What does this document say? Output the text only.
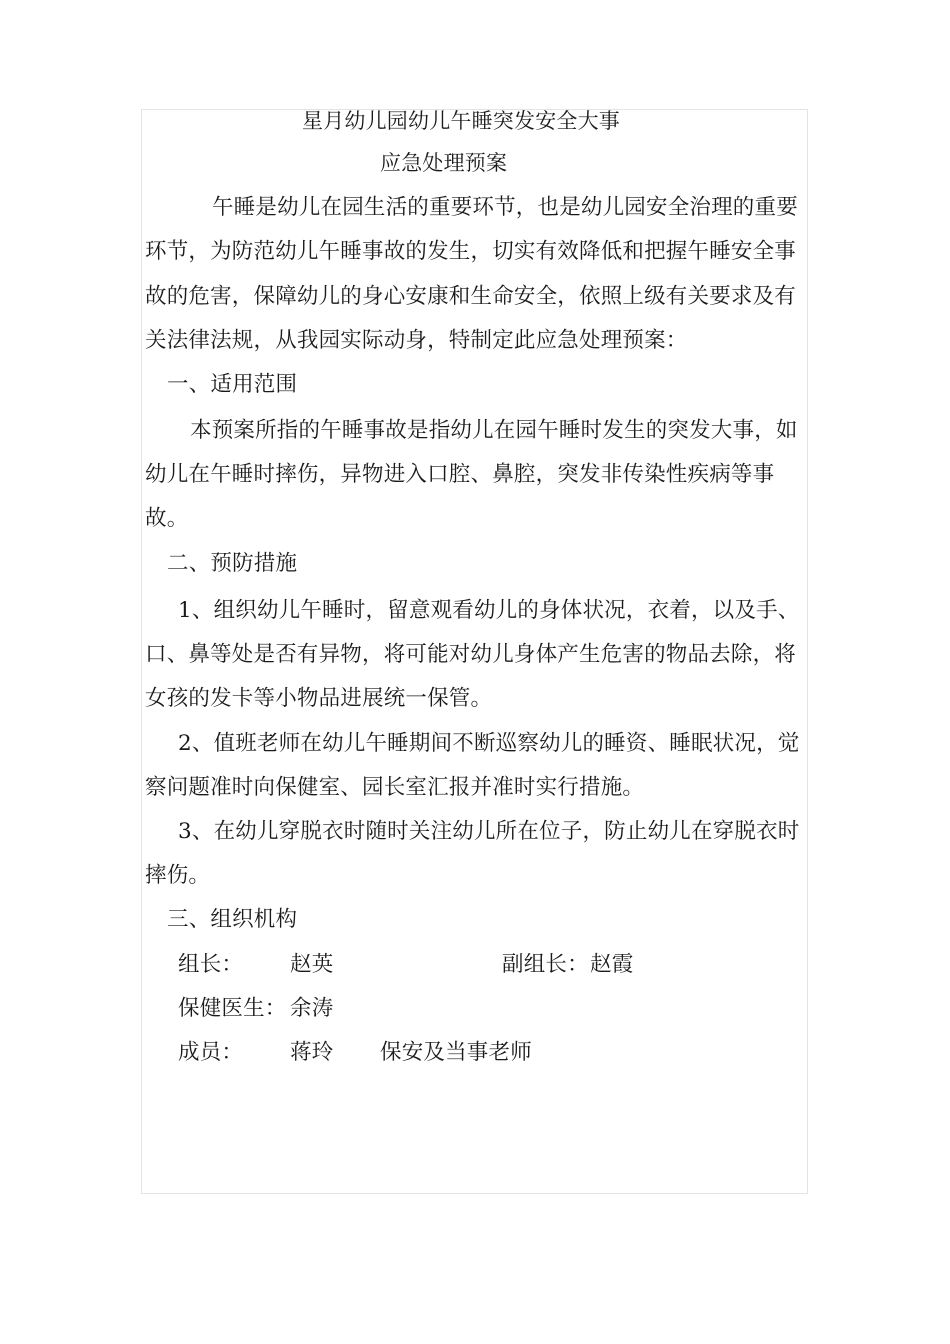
星月幼儿园幼儿午睡突发安全大事
应急处理预案
午睡是幼儿在园生活的重要环节，也是幼儿园安全治理的重要
环节，为防范幼儿午睡事故的发生，切实有效降低和把握午睡安全事
故的危害，保障幼儿的身心安康和生命安全，依照上级有关要求及有
关法律法规，从我园实际动身，特制定此应急处理预案：
一、适用范围
本预案所指的午睡事故是指幼儿在园午睡时发生的突发大事，如
幼儿在午睡时摔伤，异物进入口腔、鼻腔，突发非传染性疾病等事
故。
二、预防措施
1、组织幼儿午睡时，留意观看幼儿的身体状况，衣着，以及手、
口、鼻等处是否有异物，将可能对幼儿身体产生危害的物品去除，将
女孩的发卡等小物品进展统一保管。
2、值班老师在幼儿午睡期间不断巡察幼儿的睡资、睡眠状况，觉
察问题准时向保健室、园长室汇报并准时实行措施。
3、在幼儿穿脱衣时随时关注幼儿所在位子，防止幼儿在穿脱衣时
摔伤。
三、组织机构
组长： 赵英	副组长： 赵霞
保健医生： 余涛
成员： 蒋玲 保安及当事老师
